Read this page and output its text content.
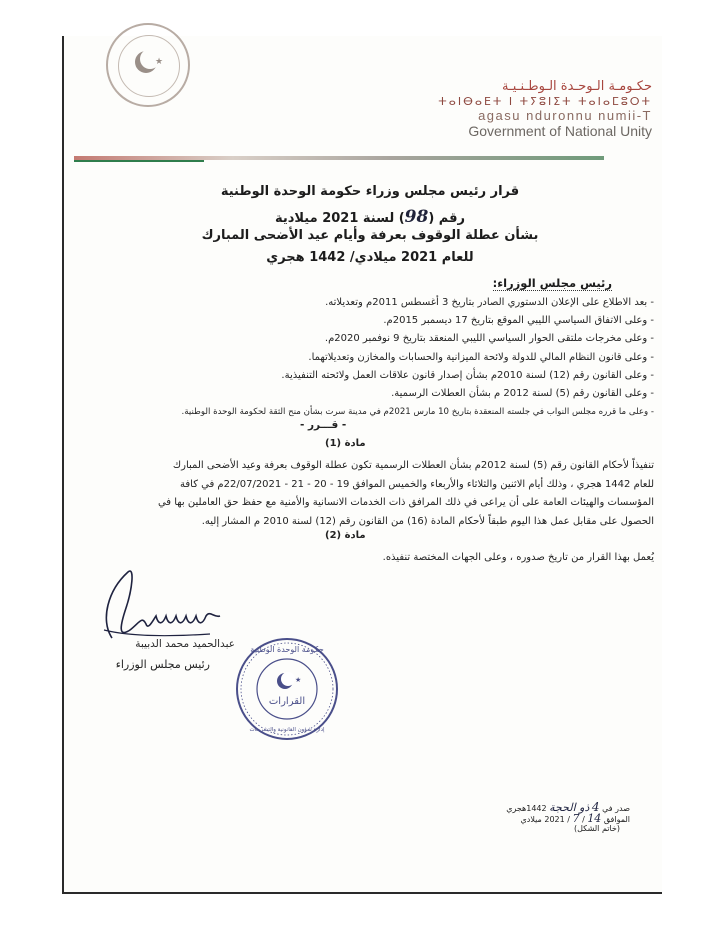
★
حكـومـة الـوحـدة الـوطـنـيـة
ⵜⴰⵏⴱⴰⴹⵜ ⵏ ⵜⵢⵓⵏⵉⵜ ⵜⴰⵏⴰⵎⵓⵔⵜ
agasu nduronnu numii-T
Government of National Unity
قرار رئيس مجلس وزراء حكومة الوحدة الوطنية
رقم (98) لسنة 2021 ميلادية
بشأن عطلة الوقوف بعرفة وأيام عيد الأضحى المبارك
للعام 2021 ميلادي/ 1442 هجري
رئيس مجلس الوزراء:
- بعد الاطلاع على الإعلان الدستوري الصادر بتاريخ 3 أغسطس 2011م وتعديلاته.
- وعلى الاتفاق السياسي الليبي الموقع بتاريخ 17 ديسمبر 2015م.
- وعلى مخرجات ملتقى الحوار السياسي الليبي المنعقد بتاريخ 9 نوفمبر 2020م.
- وعلى قانون النظام المالي للدولة ولائحة الميزانية والحسابات والمخازن وتعديلاتهما.
- وعلى القانون رقم (12) لسنة 2010م بشأن إصدار قانون علاقات العمل ولائحته التنفيذية.
- وعلى القانون رقم (5) لسنة 2012 م بشأن العطلات الرسمية.
- وعلى ما قرره مجلس النواب في جلسته المنعقدة بتاريخ 10 مارس 2021م في مدينة سرت بشأن منح الثقة لحكومة الوحدة الوطنية.
- قـــرر -
مادة (1)
تنفيذاً لأحكام القانون رقم (5) لسنة 2012م بشأن العطلات الرسمية تكون عطلة الوقوف بعرفة وعيد الأضحى المبارك
للعام 1442 هجري ، وذلك أيام الاثنين والثلاثاء والأربعاء والخميس الموافق 19 - 20 - 21 - 22/07/2021م في كافة
المؤسسات والهيئات العامة على أن يراعى في ذلك المرافق ذات الخدمات الانسانية والأمنية مع حفظ حق العاملين بها في
الحصول على مقابل عمل هذا اليوم طبقاً لأحكام المادة (16) من القانون رقم (12) لسنة 2010 م المشار إليه.
مادة (2)
يُعمل بهذا القرار من تاريخ صدوره ، وعلى الجهات المختصة تنفيذه.
عبدالحميد محمد الدبيبة
رئيس مجلس الوزراء
★
حكومة الوحدة الوطنية
القرارات
إدارة شؤون القانونية والتشريعات
صدر في 4 ذو الحجة 1442هجري
الموافق 14 / 7 / 2021 ميلادي
(خاتم الشكل)
